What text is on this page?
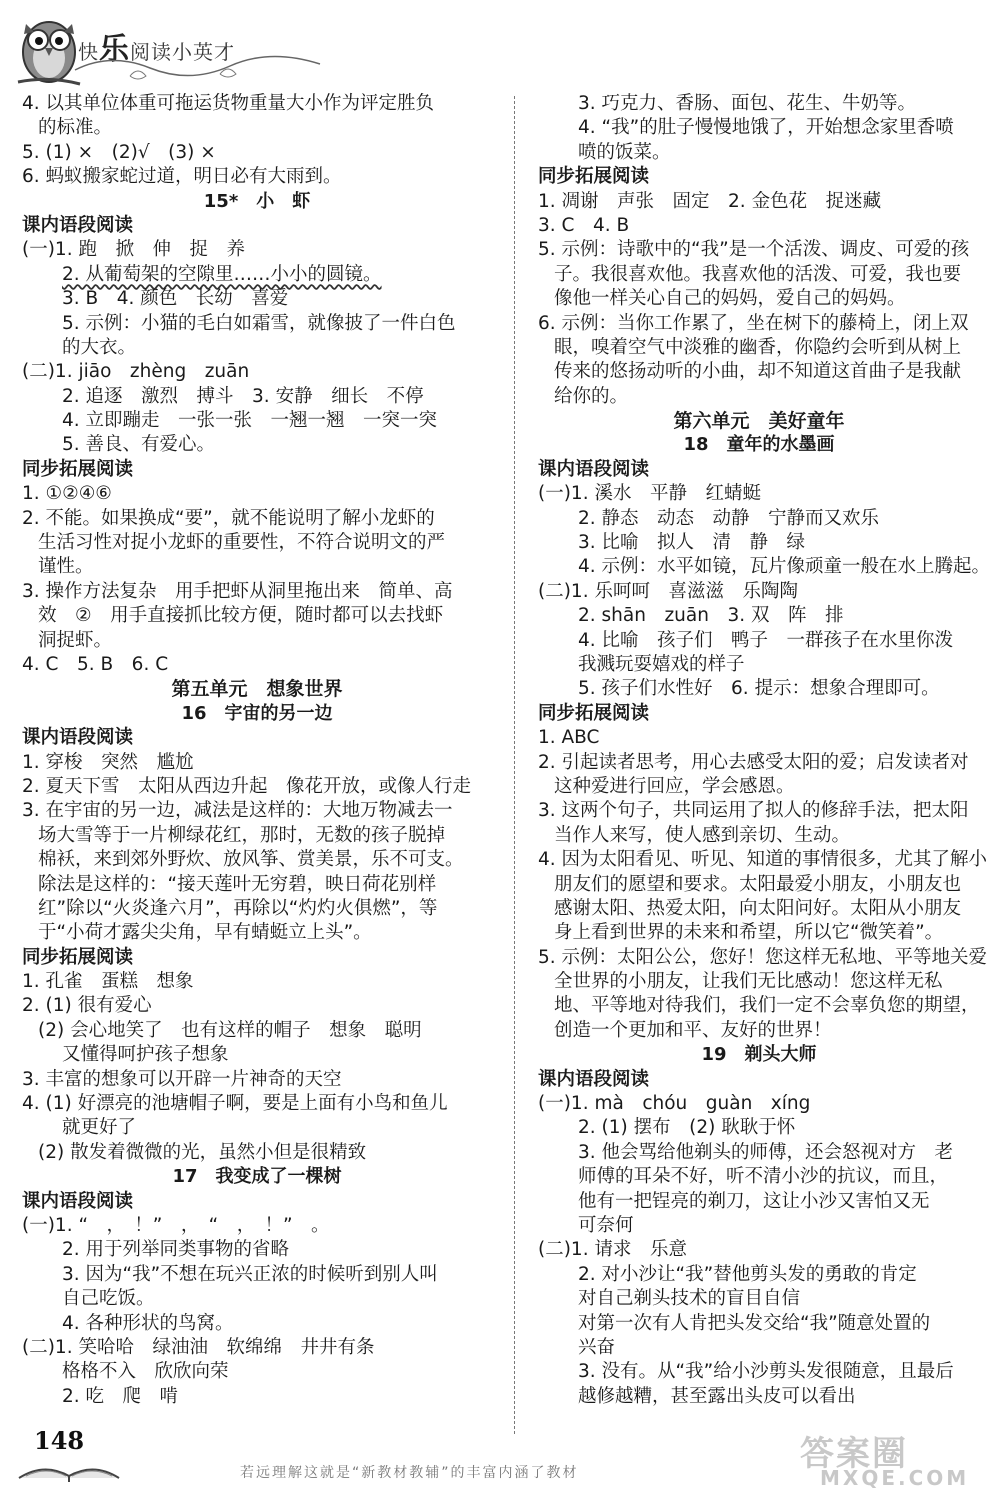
快乐阅读小英才
4. 以其单位体重可拖运货物重量大小作为评定胜负
的标准。
5. (1) ×　(2)√　(3) ×
6. 蚂蚁搬家蛇过道，明日必有大雨到。
15*　小　虾
课内语段阅读
(一)1. 跑　掀　伸　捉　养
2. 从葡萄架的空隙里……小小的圆镜。
3. B　4. 颜色　长幼　喜爱
5. 示例：小猫的毛白如霜雪，就像披了一件白色
的大衣。
(二)1. jiāo　zhèng　zuān
2. 追逐　激烈　搏斗　3. 安静　细长　不停
4. 立即蹦走　一张一张　一翘一翘　一突一突
5. 善良、有爱心。
同步拓展阅读
1. ①②④⑥
2. 不能。如果换成“要”，就不能说明了解小龙虾的
生活习性对捉小龙虾的重要性，不符合说明文的严
谨性。
3. 操作方法复杂　用手把虾从洞里拖出来　简单、高
效　②　用手直接抓比较方便，随时都可以去找虾
洞捉虾。
4. C　5. B　6. C
第五单元　想象世界
16　宇宙的另一边
课内语段阅读
1. 穿梭　突然　尴尬
2. 夏天下雪　太阳从西边升起　像花开放，或像人行走
3. 在宇宙的另一边，减法是这样的：大地万物减去一
场大雪等于一片柳绿花红，那时，无数的孩子脱掉
棉袄，来到郊外野炊、放风筝、赏美景，乐不可支。
除法是这样的：“接天莲叶无穷碧，映日荷花别样
红”除以“火炎逢六月”，再除以“灼灼火俱燃”，等
于“小荷才露尖尖角，早有蜻蜓立上头”。
同步拓展阅读
1. 孔雀　蛋糕　想象
2. (1) 很有爱心
(2) 会心地笑了　也有这样的帽子　想象　聪明
又懂得呵护孩子想象
3. 丰富的想象可以开辟一片神奇的天空
4. (1) 好漂亮的池塘帽子啊，要是上面有小鸟和鱼儿
就更好了
(2) 散发着微微的光，虽然小但是很精致
17　我变成了一棵树
课内语段阅读
(一)1. “　，　！”　，　“　，　！”　。
2. 用于列举同类事物的省略
3. 因为“我”不想在玩兴正浓的时候听到别人叫
自己吃饭。
4. 各种形状的鸟窝。
(二)1. 笑哈哈　绿油油　软绵绵　井井有条
格格不入　欣欣向荣
2. 吃　爬　啃
3. 巧克力、香肠、面包、花生、牛奶等。
4. “我”的肚子慢慢地饿了，开始想念家里香喷
喷的饭菜。
同步拓展阅读
1. 凋谢　声张　固定　2. 金色花　捉迷藏
3. C　4. B
5. 示例：诗歌中的“我”是一个活泼、调皮、可爱的孩
子。我很喜欢他。我喜欢他的活泼、可爱，我也要
像他一样关心自己的妈妈，爱自己的妈妈。
6. 示例：当你工作累了，坐在树下的藤椅上，闭上双
眼，嗅着空气中淡雅的幽香，你隐约会听到从树上
传来的悠扬动听的小曲，却不知道这首曲子是我献
给你的。
第六单元　美好童年
18　童年的水墨画
课内语段阅读
(一)1. 溪水　平静　红蜻蜓
2. 静态　动态　动静　宁静而又欢乐
3. 比喻　拟人　清　静　绿
4. 示例：水平如镜，瓦片像顽童一般在水上腾起。
(二)1. 乐呵呵　喜滋滋　乐陶陶
2. shān　zuān　3. 双　阵　排
4. 比喻　孩子们　鸭子　一群孩子在水里你泼
我溅玩耍嬉戏的样子
5. 孩子们水性好　6. 提示：想象合理即可。
同步拓展阅读
1. ABC
2. 引起读者思考，用心去感受太阳的爱；启发读者对
这种爱进行回应，学会感恩。
3. 这两个句子，共同运用了拟人的修辞手法，把太阳
当作人来写，使人感到亲切、生动。
4. 因为太阳看见、听见、知道的事情很多，尤其了解小
朋友们的愿望和要求。太阳最爱小朋友，小朋友也
感谢太阳、热爱太阳，向太阳问好。太阳从小朋友
身上看到世界的未来和希望，所以它“微笑着”。
5. 示例：太阳公公，您好！您这样无私地、平等地关爱
全世界的小朋友，让我们无比感动！您这样无私
地、平等地对待我们，我们一定不会辜负您的期望，
创造一个更加和平、友好的世界！
19　剃头大师
课内语段阅读
(一)1. mà　chóu　guàn　xíng
2. (1) 摆布　(2) 耿耿于怀
3. 他会骂给他剃头的师傅，还会怒视对方　老
师傅的耳朵不好，听不清小沙的抗议，而且，
他有一把锃亮的剃刀，这让小沙又害怕又无
可奈何
(二)1. 请求　乐意
2. 对小沙让“我”替他剪头发的勇敢的肯定
对自己剃头技术的盲目自信
对第一次有人肯把头发交给“我”随意处置的
兴奋
3. 没有。从“我”给小沙剪头发很随意，且最后
越修越糟，甚至露出头皮可以看出
148
若远理解这就是“新教材教辅”的丰富内涵了教材	答案圈
MXQE.COM
